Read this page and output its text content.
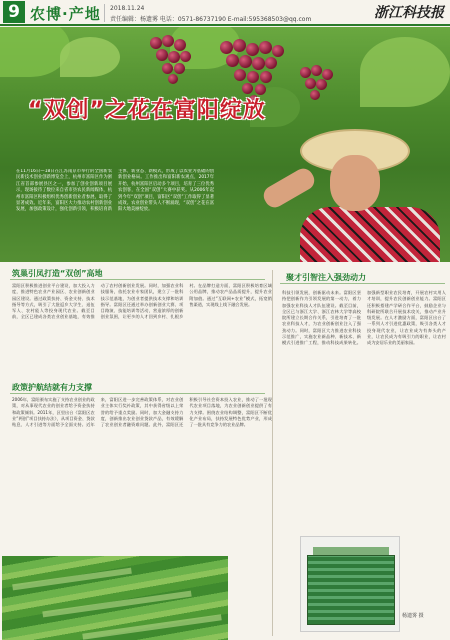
9 农博·产地 2018.11.24
责任编辑：杨遗雾 电话：0571-86737190 E-mail:595368503@qq.com	浙江科技报
“双创”之花在富阳绽放
在11月16日—18日在江苏南京市举行的全国新农民新技术创业创新博览会上，杭州市富阳区作为浙江省首部参展县区之一，参加了创业创新项目展示，现场接待了数位来自省市县农民新闻媒体，杭州市富阳区积极组织优秀创新创业者参展，取得了显著成效。近年来，富阳区大力推动农村创新创业发展，加强政策设计，强化创新引领，积极培育新主体、新业态、新模式，形成了以农业为基础的创新创业格局。工作推出和富阳新农观点，2017年开始，杭州富阳区启动多个项目，培育了三位优秀农创客，在全国“双创”大赛中获奖。从2006年起到今年“双创”项目，富阳区“双创”工作取得了显著成效。农业创业带头人不断涌现，“双创”之花在富阳大地美丽绽放。
筑巢引凤打造“双创”高地
富阳区积极推进创业平台建设，加大投入力度，推进特色农业产业园区、农业创新创业园区建设。通过政策扶持、资金支持、技术指导等方式，吸引了大批返乡大学生、退伍军人、农村能人等投身现代农业。截至目前，全区已建成各类农业创业基地，有效推动了农村创新创业发展。同时，加强农业科技服务，依托农业专家团队，建立了一批科技示范基地，为创业者提供技术支撑和培训指导。富阳区还通过举办创新创业大赛、项目路演、技能培训等活动，营造浓厚的创新创业氛围，让更多的人才回到乡村、扎根乡村。在品牌打造方面，富阳区积极培育区域公用品牌，推动农产品品质提升，提升农业附加值。通过“互联网+农业”模式，拓宽销售渠道，实现线上线下融合发展。
政策护航结就有力支撑
2006年，富阳颁布实施了支持农业创业的政策，对从事现代农业的创业者给予资金扶持和政策倾斜。2011年，区里出台《富阳区农业“两创”项目扶持办法》，从项目资金、贷款贴息、人才引进等方面给予全面支持。近年来，富阳区进一步完善政策体系，对农业创业主体实行奖补政策，其中获得省级以上荣誉的给予重点奖励。同时，加大金融支持力度，创新推出农业创业贷款产品，有效缓解了农业创业者融资难问题。此外，富阳区还积极引导社会资本投入农业，推动了一批现代农业项目落地，为农业创新创业提供了有力支撑。围绕农业结构调整，富阳区不断优化产业布局，扶持发展特色优势产业，形成了一批具有竞争力的农业品牌。
聚才引智注入强劲动力
科技引领发展，创新驱动未来。富阳区坚持把创新作为引领发展的第一动力，着力加强农业科技人才队伍建设。截至目前，全区已与浙江大学、浙江农林大学等高校院所建立长期合作关系，引进培育了一批农业科技人才，为农业创新创业注入了强劲动力。同时，富阳区大力推进农业科技示范推广，实施农业新品种、新技术、新模式引进推广工程，推动科技成果转化。加强新型职业农民培育，开展农村实用人才培训，提升农民创新创业能力。富阳区还积极搭建产学研合作平台，鼓励企业与科研院所联合开展技术攻关，推动产业升级发展。在人才激励方面，富阳区出台了一系列人才引进优惠政策，吸引各类人才投身现代农业，让农业成为有奔头的产业，让农民成为有吸引力的职业，让农村成为安居乐业的美丽家园。
杨遗雾 摄
